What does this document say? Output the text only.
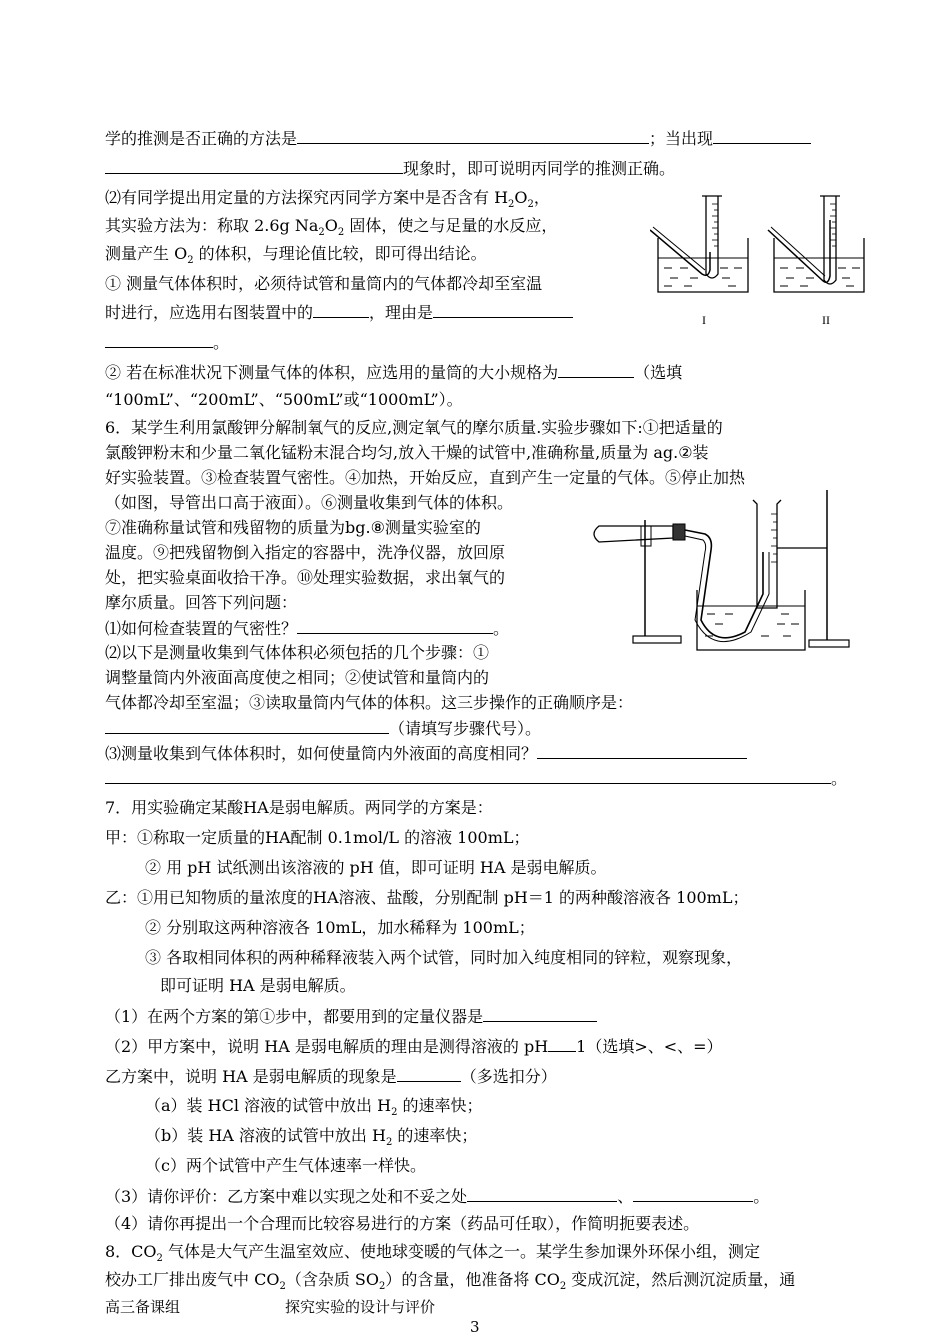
学的推测是否正确的方法是	；当出现
现象时，即可说明丙同学的推测正确。
⑵有同学提出用定量的方法探究丙同学方案中是否含有 $H_2O_2$，
其实验方法为：称取 2.6g $Na_2O_2$ 固体，使之与足量的水反应，
测量产生 $O_2$ 的体积，与理论值比较，即可得出结论。
① 测量气体体积时，必须待试管和量筒内的气体都冷却至室温
时进行，应选用右图装置中的	，理由是
。
② 若在标准状况下测量气体的体积，应选用的量筒的大小规格为	（选填
“100mL”、“200mL”、“500mL”或“1000mL”）。
I	II
6．某学生利用氯酸钾分解制氧气的反应,测定氧气的摩尔质量.实验步骤如下:①把适量的
氯酸钾粉末和少量二氧化锰粉末混合均匀,放入干燥的试管中,准确称量,质量为 ag.②装
好实验装置。③检查装置气密性。④加热，开始反应，直到产生一定量的气体。⑤停止加热
（如图，导管出口高于液面）。⑥测量收集到气体的体积。
⑦准确称量试管和残留物的质量为bg.⑧测量实验室的
温度。⑨把残留物倒入指定的容器中，洗净仪器，放回原
处，把实验桌面收拾干净。⑩处理实验数据，求出氧气的
摩尔质量。回答下列问题：
⑴如何检查装置的气密性？	。
⑵以下是测量收集到气体体积必须包括的几个步骤：①
调整量筒内外液面高度使之相同；②使试管和量筒内的
气体都冷却至室温；③读取量筒内气体的体积。这三步操作的正确顺序是：
（请填写步骤代号）。
⑶测量收集到气体体积时，如何使量筒内外液面的高度相同？
。
7．用实验确定某酸HA是弱电解质。两同学的方案是：
甲：①称取一定质量的HA配制 0.1mol/L 的溶液 100mL；
② 用 pH 试纸测出该溶液的 pH 值，即可证明 HA 是弱电解质。
乙：①用已知物质的量浓度的HA溶液、盐酸，分别配制 pH＝1 的两种酸溶液各 100mL；
② 分别取这两种溶液各 10mL，加水稀释为 100mL；
③ 各取相同体积的两种稀释液装入两个试管，同时加入纯度相同的锌粒，观察现象，
即可证明 HA 是弱电解质。
（1）在两个方案的第①步中，都要用到的定量仪器是
（2）甲方案中，说明 HA 是弱电解质的理由是测得溶液的 pH 1（选填>、<、=）
乙方案中，说明 HA 是弱电解质的现象是	（多选扣分）
（a）装 HCl 溶液的试管中放出 $H_2$ 的速率快；
（b）装 HA 溶液的试管中放出 $H_2$ 的速率快；
（c）两个试管中产生气体速率一样快。
（3）请你评价：乙方案中难以实现之处和不妥之处	、	。
（4）请你再提出一个合理而比较容易进行的方案（药品可任取），作简明扼要表述。
8．$CO_2$ 气体是大气产生温室效应、使地球变暖的气体之一。某学生参加课外环保小组，测定
校办工厂排出废气中 $CO_2$（含杂质 $SO_2$）的含量，他准备将 $CO_2$ 变成沉淀，然后测沉淀质量，通
高三备课组	探究实验的设计与评价
3
